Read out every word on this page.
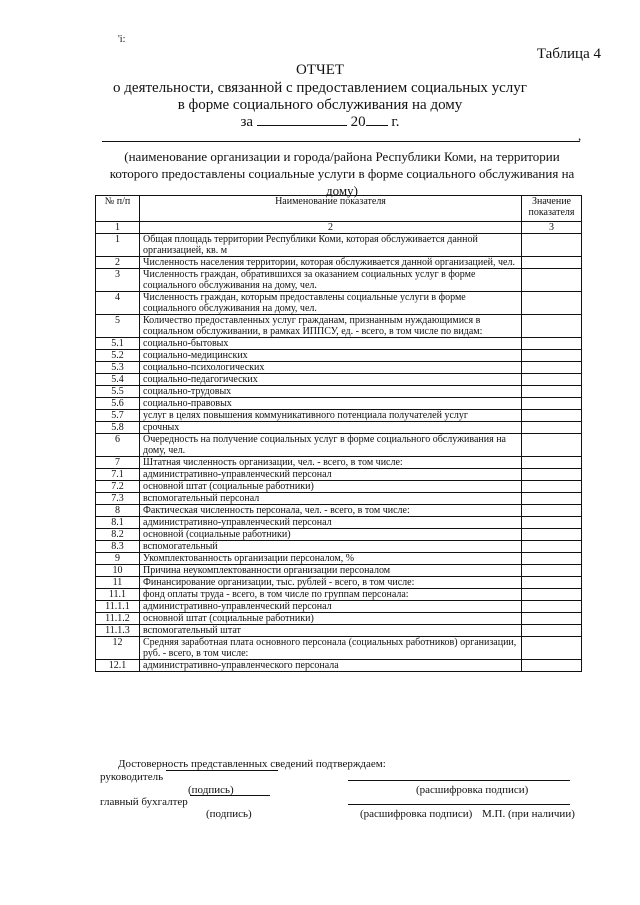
'і:
Таблица 4
ОТЧЕТ
о деятельности, связанной с предоставлением социальных услуг
в форме социального обслуживания на дому
за	20 г.
,
(наименование организации и города/района Республики Коми, на территории которого предоставлены социальные услуги в форме социального обслуживания на дому)
№ п/п	Наименование показателя	Значение показателя
1	2	3
1	Общая площадь территории Республики Коми, которая обслуживается данной организацией, кв. м	
2	Численность населения территории, которая обслуживается данной организацией, чел.	
3	Численность граждан, обратившихся за оказанием социальных услуг в форме социального обслуживания на дому, чел.	
4	Численность граждан, которым предоставлены социальные услуги в форме социального обслуживания на дому, чел.	
5	Количество предоставленных услуг гражданам, признанным нуждающимися в социальном обслуживании, в рамках ИППСУ, ед. - всего, в том числе по видам:	
5.1	социально-бытовых	
5.2	социально-медицинских	
5.3	социально-психологических	
5.4	социально-педагогических	
5.5	социально-трудовых	
5.6	социально-правовых	
5.7	услуг в целях повышения коммуникативного потенциала получателей услуг	
5.8	срочных	
6	Очередность на получение социальных услуг в форме социального обслуживания на дому, чел.	
7	Штатная численность организации, чел. - всего, в том числе:	
7.1	административно-управленческий персонал	
7.2	основной штат (социальные работники)	
7.3	вспомогательный персонал	
8	Фактическая численность персонала, чел. - всего, в том числе:	
8.1	административно-управленческий персонал	
8.2	основной (социальные работники)	
8.3	вспомогательный	
9	Укомплектованность организации персоналом, %	
10	Причина неукомплектованности организации персоналом	
11	Финансирование организации, тыс. рублей - всего, в том числе:	
11.1	фонд оплаты труда - всего, в том числе по группам персонала:	
11.1.1	административно-управленческий персонал	
11.1.2	основной штат (социальные работники)	
11.1.3	вспомогательный штат	
12	Средняя заработная плата основного персонала (социальных работников) организации, руб. - всего, в том числе:	
12.1	административно-управленческого персонала	
Достоверность представленных сведений подтверждаем:
руководитель
(подпись)	(расшифровка подписи)
главный бухгалтер
(подпись)	(расшифровка подписи) М.П. (при наличии)
